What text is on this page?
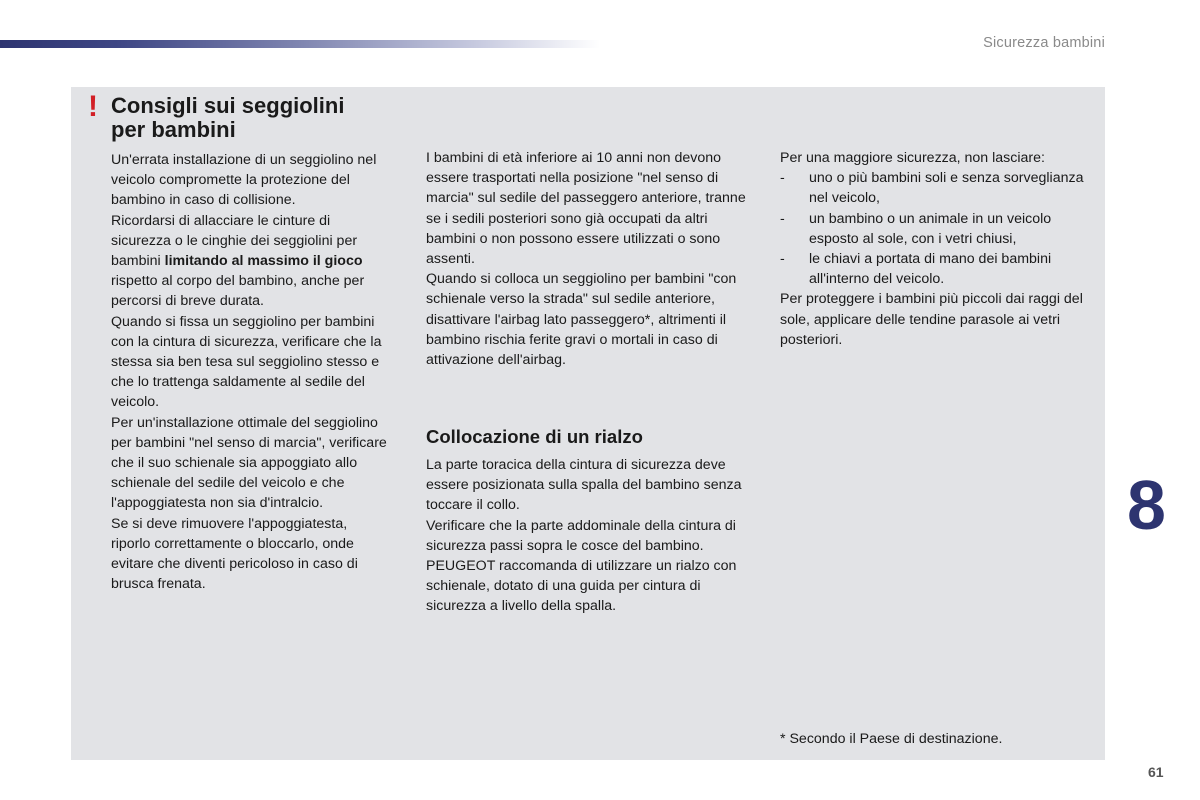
Sicurezza bambini
! Consigli sui seggiolini
per bambini

Un'errata installazione di un seggiolino nel veicolo compromette la protezione del bambino in caso di collisione.

Ricordarsi di allacciare le cinture di sicurezza o le cinghie dei seggiolini per bambini limitando al massimo il gioco rispetto al corpo del bambino, anche per percorsi di breve durata.

Quando si fissa un seggiolino per bambini con la cintura di sicurezza, verificare che la stessa sia ben tesa sul seggiolino stesso e che lo trattenga saldamente al sedile del veicolo.

Per un'installazione ottimale del seggiolino per bambini "nel senso di marcia", verificare che il suo schienale sia appoggiato allo schienale del sedile del veicolo e che l'appoggiatesta non sia d'intralcio.

Se si deve rimuovere l'appoggiatesta, riporlo correttamente o bloccarlo, onde evitare che diventi pericoloso in caso di brusca frenata.

I bambini di età inferiore ai 10 anni non devono essere trasportati nella posizione "nel senso di marcia" sul sedile del passeggero anteriore, tranne se i sedili posteriori sono già occupati da altri bambini o non possono essere utilizzati o sono assenti.

Quando si colloca un seggiolino per bambini "con schienale verso la strada" sul sedile anteriore, disattivare l'airbag lato passeggero*, altrimenti il bambino rischia ferite gravi o mortali in caso di attivazione dell'airbag.

Collocazione di un rialzo

La parte toracica della cintura di sicurezza deve essere posizionata sulla spalla del bambino senza toccare il collo.

Verificare che la parte addominale della cintura di sicurezza passi sopra le cosce del bambino.

PEUGEOT raccomanda di utilizzare un rialzo con schienale, dotato di una guida per cintura di sicurezza a livello della spalla.

Per una maggiore sicurezza, non lasciare:

-	uno o più bambini soli e senza sorveglianza nel veicolo,
-	un bambino o un animale in un veicolo esposto al sole, con i vetri chiusi,
-	le chiavi a portata di mano dei bambini all'interno del veicolo.

Per proteggere i bambini più piccoli dai raggi del sole, applicare delle tendine parasole ai vetri posteriori.

* Secondo il Paese di destinazione.
8
61
